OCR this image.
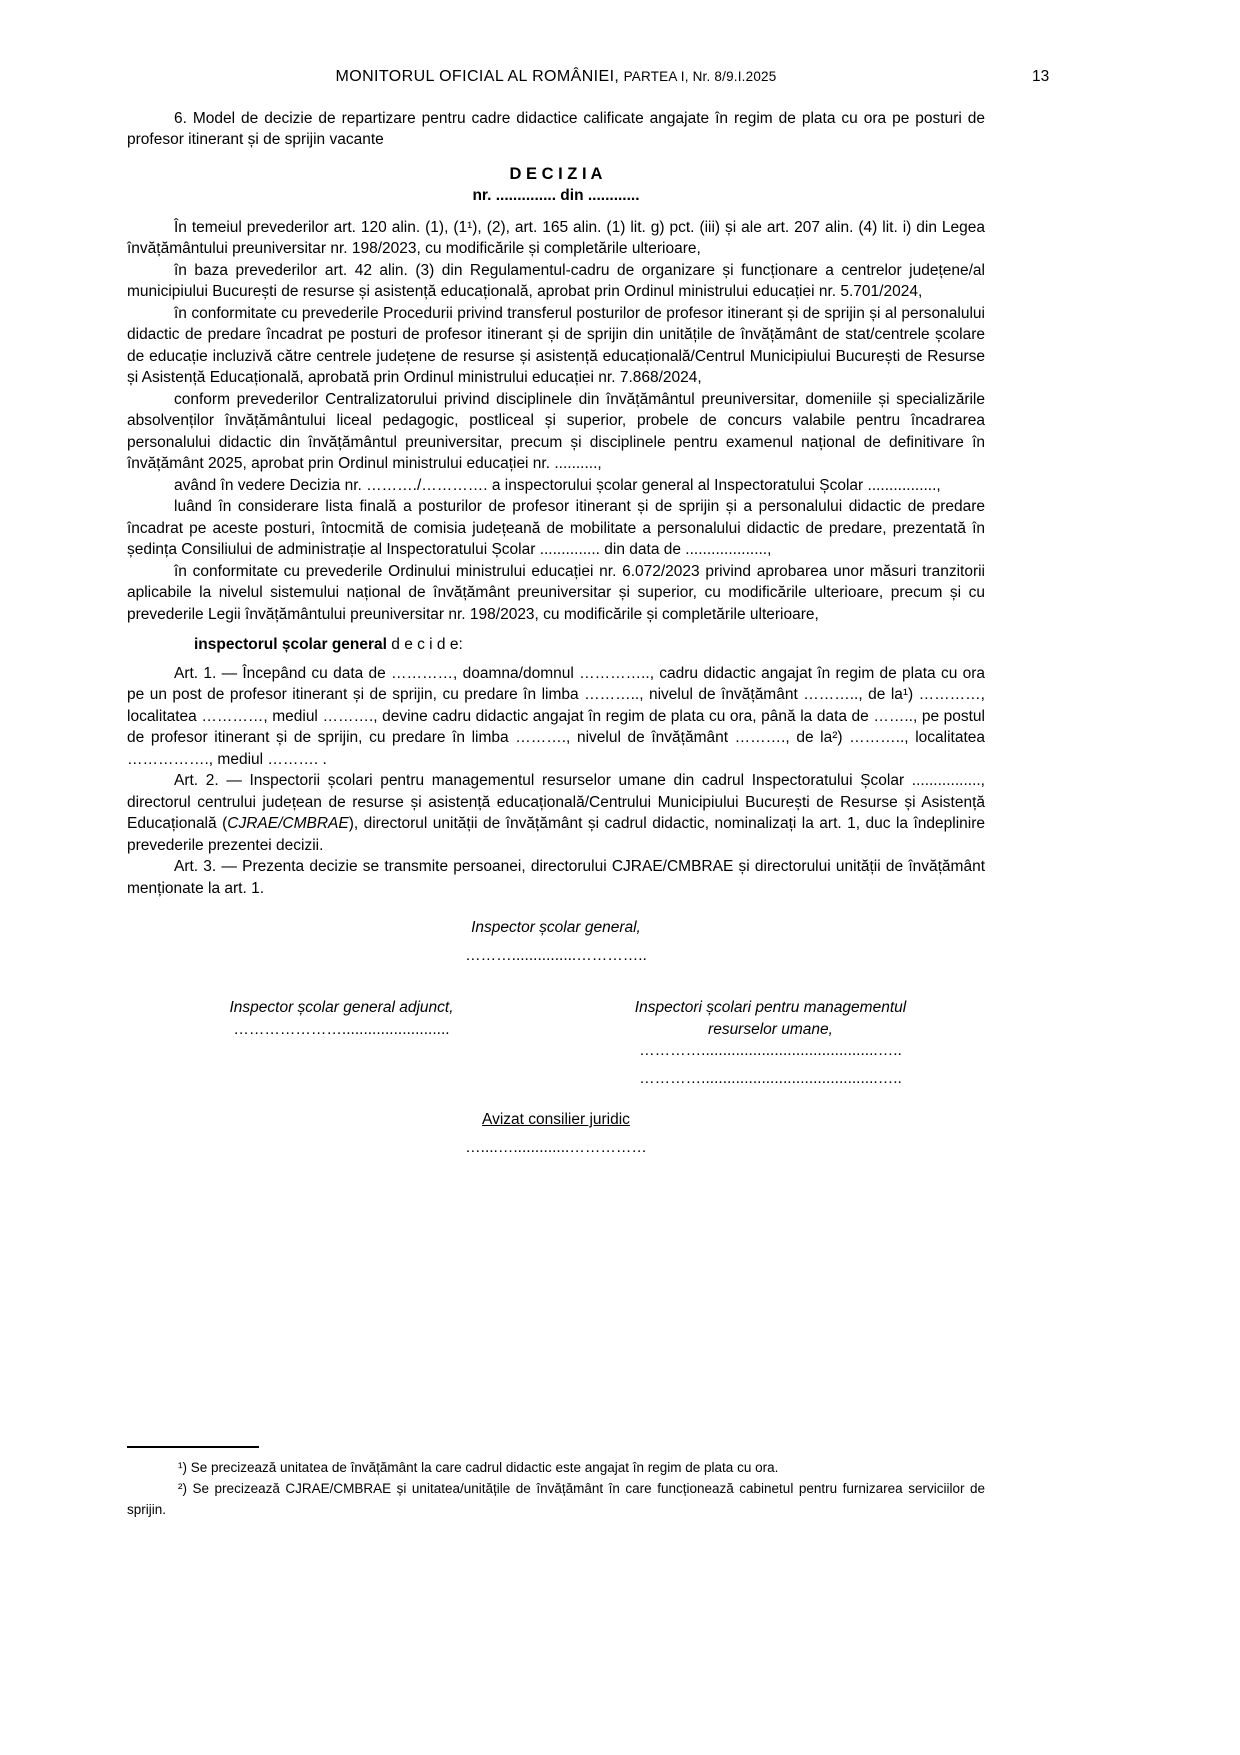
13
MONITORUL OFICIAL AL ROMÂNIEI, PARTEA I, Nr. 8/9.I.2025

6. Model de decizie de repartizare pentru cadre didactice calificate angajate în regim de plata cu ora pe posturi de profesor itinerant și de sprijin vacante

D E C I Z I A
nr. .............. din ............

În temeiul prevederilor art. 120 alin. (1), (1¹), (2), art. 165 alin. (1) lit. g) pct. (iii) și ale art. 207 alin. (4) lit. i) din Legea învățământului preuniversitar nr. 198/2023, cu modificările și completările ulterioare,

în baza prevederilor art. 42 alin. (3) din Regulamentul-cadru de organizare și funcționare a centrelor județene/al municipiului București de resurse și asistență educațională, aprobat prin Ordinul ministrului educației nr. 5.701/2024,

în conformitate cu prevederile Procedurii privind transferul posturilor de profesor itinerant și de sprijin și al personalului didactic de predare încadrat pe posturi de profesor itinerant și de sprijin din unitățile de învățământ de stat/centrele școlare de educație incluzivă către centrele județene de resurse și asistență educațională/Centrul Municipiului București de Resurse și Asistență Educațională, aprobată prin Ordinul ministrului educației nr. 7.868/2024,

conform prevederilor Centralizatorului privind disciplinele din învățământul preuniversitar, domeniile și specializările absolvenților învățământului liceal pedagogic, postliceal și superior, probele de concurs valabile pentru încadrarea personalului didactic din învățământul preuniversitar, precum și disciplinele pentru examenul național de definitivare în învățământ 2025, aprobat prin Ordinul ministrului educației nr. ..........,

având în vedere Decizia nr. ………./…………. a inspectorului școlar general al Inspectoratului Școlar ................,

luând în considerare lista finală a posturilor de profesor itinerant și de sprijin și a personalului didactic de predare încadrat pe aceste posturi, întocmită de comisia județeană de mobilitate a personalului didactic de predare, prezentată în ședința Consiliului de administrație al Inspectoratului Școlar .............. din data de ...................,

în conformitate cu prevederile Ordinului ministrului educației nr. 6.072/2023 privind aprobarea unor măsuri tranzitorii aplicabile la nivelul sistemului național de învățământ preuniversitar și superior, cu modificările ulterioare, precum și cu prevederile Legii învățământului preuniversitar nr. 198/2023, cu modificările și completările ulterioare,

inspectorul școlar general d e c i d e:

Art. 1. — Începând cu data de …………, doamna/domnul ………….., cadru didactic angajat în regim de plata cu ora pe un post de profesor itinerant și de sprijin, cu predare în limba ……….., nivelul de învățământ ……….., de la¹) …………, localitatea …………, mediul ………., devine cadru didactic angajat în regim de plata cu ora, până la data de …….., pe postul de profesor itinerant și de sprijin, cu predare în limba ………., nivelul de învățământ ………., de la²) ……….., localitatea ……………., mediul ………. .

Art. 2. — Inspectorii școlari pentru managementul resurselor umane din cadrul Inspectoratului Școlar ................, directorul centrului județean de resurse și asistență educațională/Centrului Municipiului București de Resurse și Asistență Educațională (CJRAE/CMBRAE), directorul unității de învățământ și cadrul didactic, nominalizați la art. 1, duc la îndeplinire prevederile prezentei decizii.

Art. 3. — Prezenta decizie se transmite persoanei, directorului CJRAE/CMBRAE și directorului unității de învățământ menționate la art. 1.

Inspector școlar general,

………...............…………..

Inspector școlar general adjunct,

………………….........................

Inspectori școlari pentru managementul

resurselor umane,

………….........................................…..

………….........................................…..

Avizat consilier juridic

…....….............……………

¹) Se precizează unitatea de învățământ la care cadrul didactic este angajat în regim de plata cu ora.

²) Se precizează CJRAE/CMBRAE și unitatea/unitățile de învățământ în care funcționează cabinetul pentru furnizarea serviciilor de sprijin.
